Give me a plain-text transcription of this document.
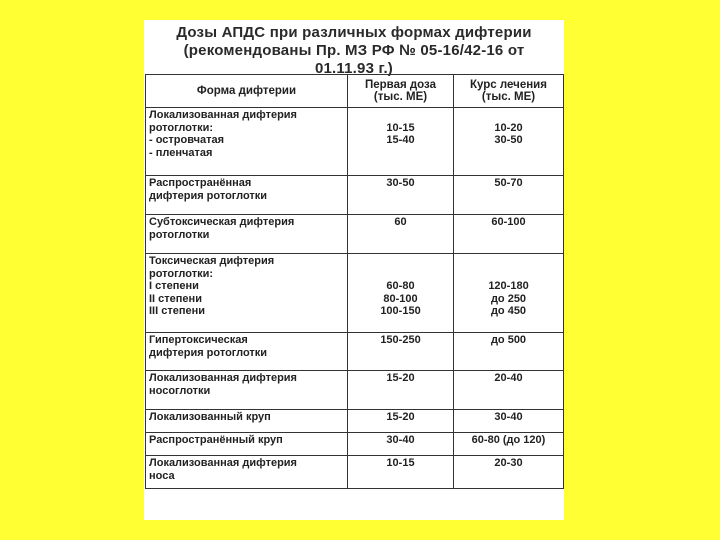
Дозы АПДС при различных формах дифтерии
(рекомендованы Пр. МЗ РФ № 05-16/42-16 от
01.11.93 г.)
Форма дифтерии	Первая доза (тыс. МЕ)	Курс лечения (тыс. МЕ)

Локализованная дифтерия
ротоглотки:
- островчатая
- пленчатая	10-15
15-40	10-20
30-50

Распространённая
дифтерия ротоглотки	30-50	50-70

Субтоксическая дифтерия
ротоглотки	60	60-100

Токсическая дифтерия
ротоглотки:
I степени
II степени
III степени	60-80
80-100
100-150	120-180
до 250
до 450

Гипертоксическая
дифтерия ротоглотки	150-250	до 500

Локализованная дифтерия
носоглотки	15-20	20-40

Локализованный круп	15-20	30-40

Распространённый круп	30-40	60-80 (до 120)

Локализованная дифтерия
носа	10-15	20-30
